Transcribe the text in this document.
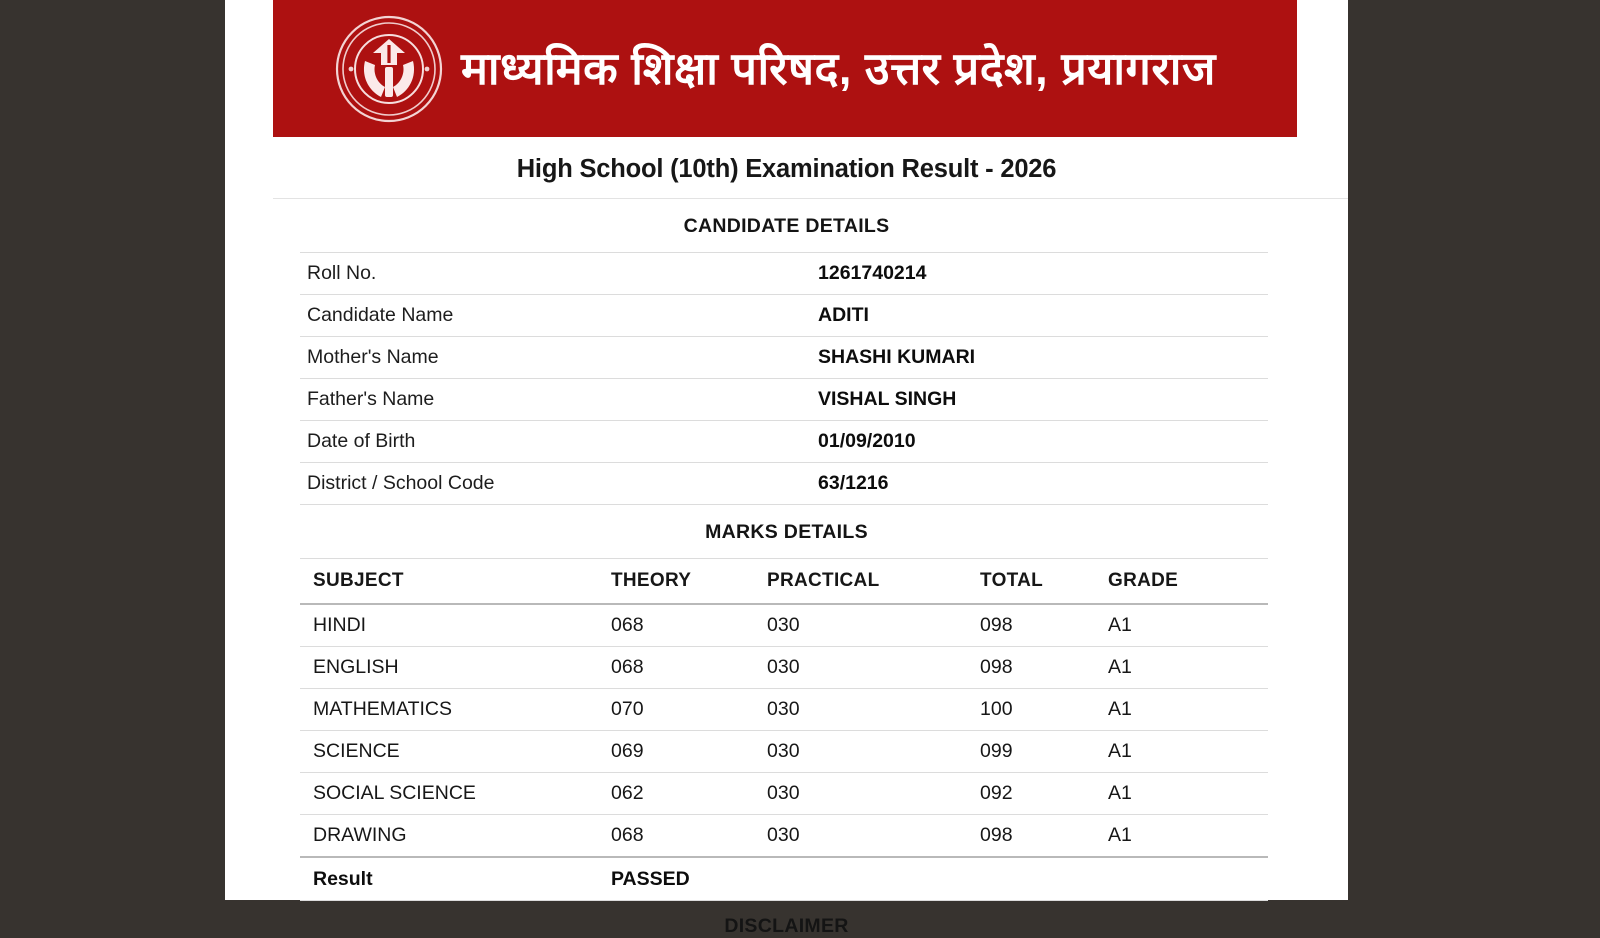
माध्यमिक शिक्षा परिषद, उत्तर प्रदेश, प्रयागराज
High School (10th) Examination Result - 2026
CANDIDATE DETAILS
Roll No.	1261740214
Candidate Name	ADITI
Mother's Name	SHASHI KUMARI
Father's Name	VISHAL SINGH
Date of Birth	01/09/2010
District / School Code	63/1216
MARKS DETAILS
SUBJECT	THEORY	PRACTICAL	TOTAL	GRADE
HINDI	068	030	098	A1
ENGLISH	068	030	098	A1
MATHEMATICS	070	030	100	A1
SCIENCE	069	030	099	A1
SOCIAL SCIENCE	062	030	092	A1
DRAWING	068	030	098	A1
Result	PASSED
DISCLAIMER
